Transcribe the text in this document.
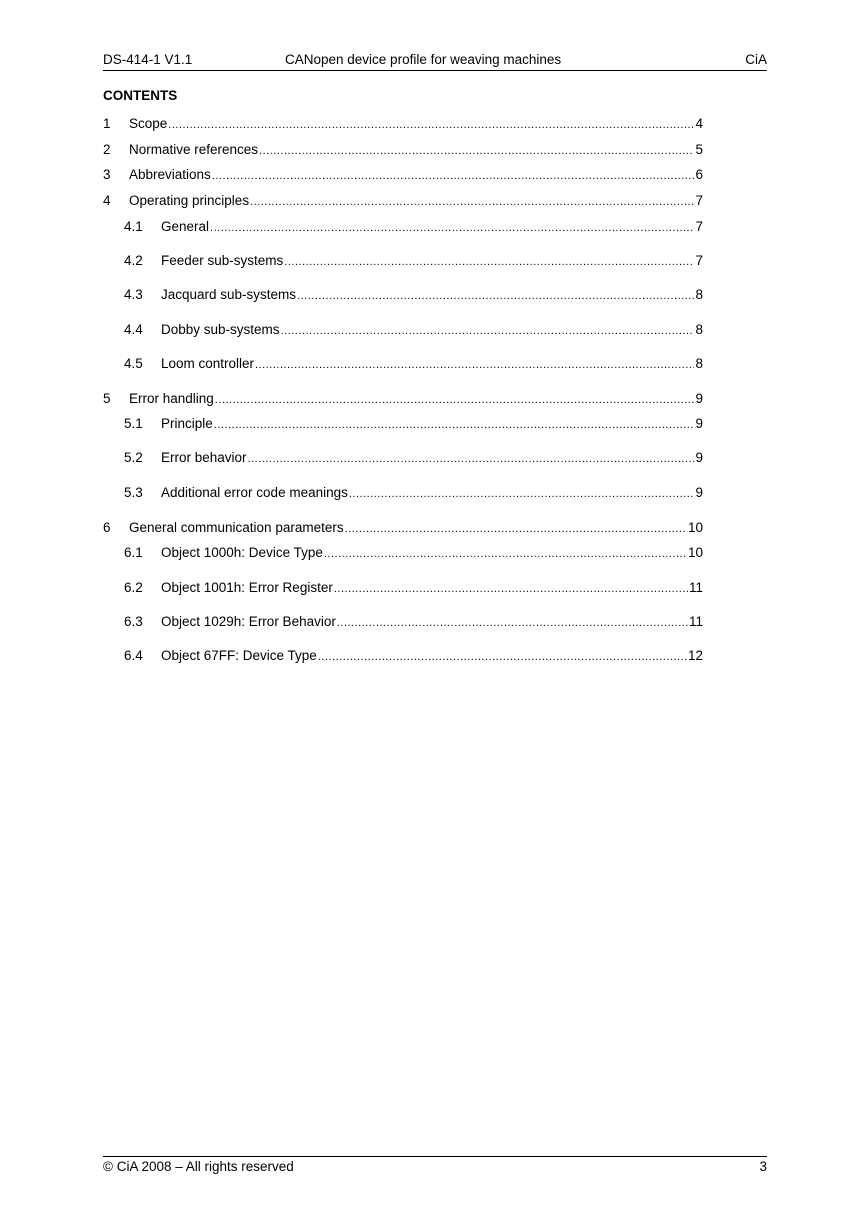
DS-414-1 V1.1	CANopen device profile for weaving machines	CiA
CONTENTS
1 Scope .....	4
2 Normative references .....	5
3 Abbreviations .....	6
4 Operating principles .....	7
4.1 General .....	7
4.2 Feeder sub-systems .....	7
4.3 Jacquard sub-systems .....	8
4.4 Dobby sub-systems .....	8
4.5 Loom controller .....	8
5 Error handling .....	9
5.1 Principle .....	9
5.2 Error behavior .....	9
5.3 Additional error code meanings .....	9
6 General communication parameters .....	10
6.1 Object 1000h: Device Type .....	10
6.2 Object 1001h: Error Register .....	11
6.3 Object 1029h: Error Behavior .....	11
6.4 Object 67FF: Device Type .....	12
© CiA 2008 – All rights reserved	3
